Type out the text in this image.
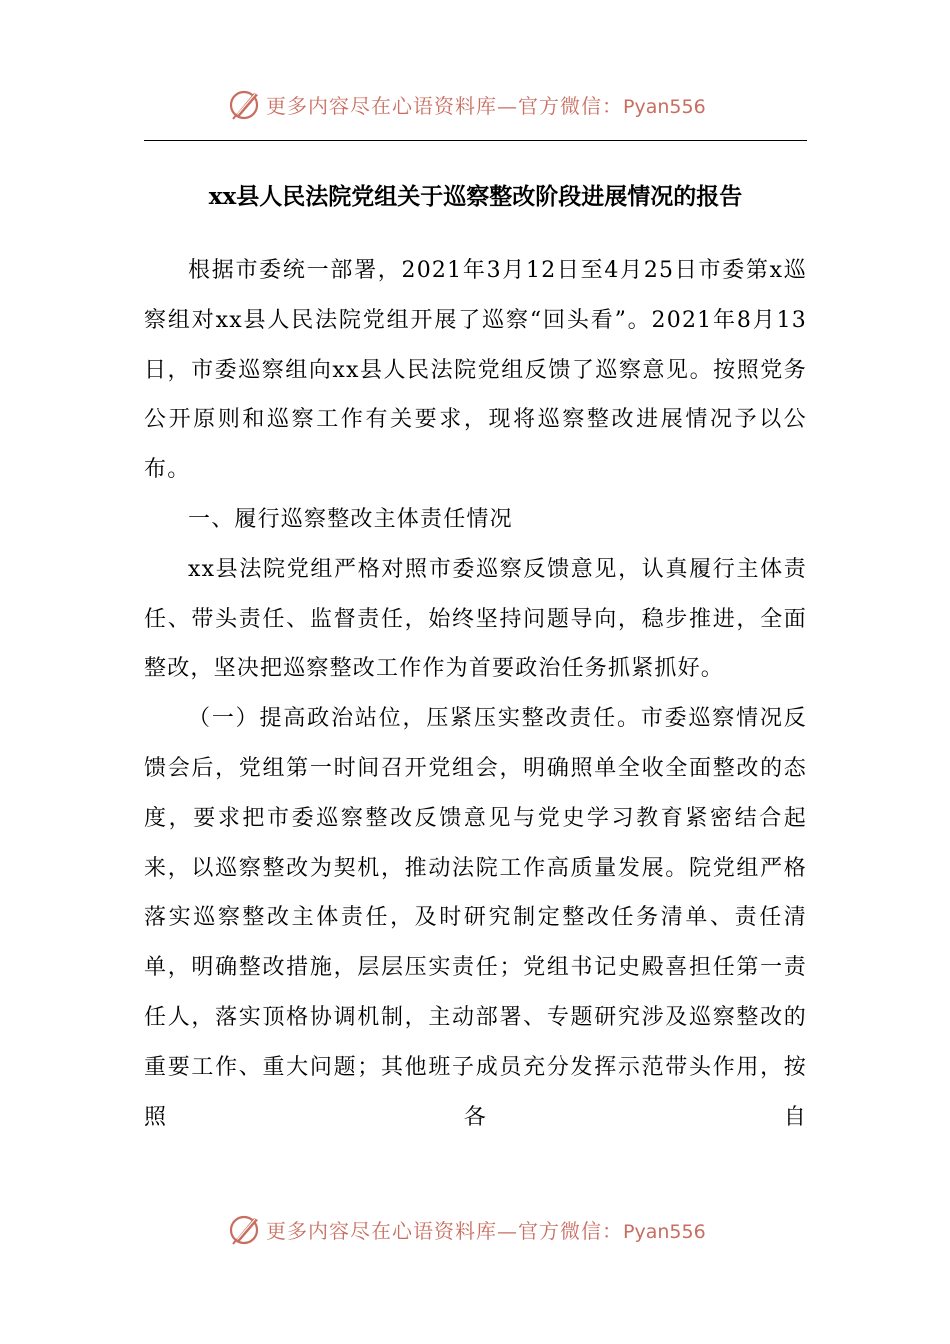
更多内容尽在心语资料库—官方微信：Pyan556
xx县人民法院党组关于巡察整改阶段进展情况的报告

根据市委统一部署，2021年3月12日至4月25日市委第x巡察组对xx县人民法院党组开展了巡察“回头看”。2021年8月13日，市委巡察组向xx县人民法院党组反馈了巡察意见。按照党务公开原则和巡察工作有关要求，现将巡察整改进展情况予以公布。

一、履行巡察整改主体责任情况

xx县法院党组严格对照市委巡察反馈意见，认真履行主体责任、带头责任、监督责任，始终坚持问题导向，稳步推进，全面整改，坚决把巡察整改工作作为首要政治任务抓紧抓好。

（一）提高政治站位，压紧压实整改责任。市委巡察情况反馈会后，党组第一时间召开党组会，明确照单全收全面整改的态度，要求把市委巡察整改反馈意见与党史学习教育紧密结合起来，以巡察整改为契机，推动法院工作高质量发展。院党组严格落实巡察整改主体责任，及时研究制定整改任务清单、责任清单，明确整改措施，层层压实责任；党组书记史殿喜担任第一责任人，落实顶格协调机制，主动部署、专题研究涉及巡察整改的重要工作、重大问题；其他班子成员充分发挥示范带头作用，按照各自

更多内容尽在心语资料库—官方微信：Pyan556
